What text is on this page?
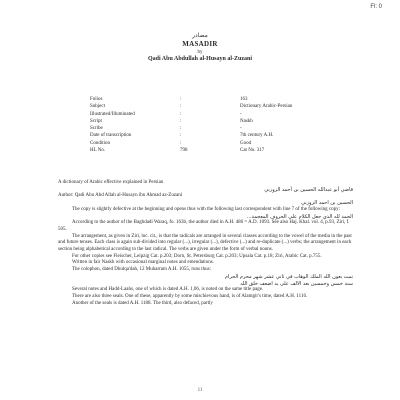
Fl: 0
مصادر
MASADIR
by
Qadi Abu Abdullah al-Husayn al-Zuzani
Folios	:	163
Subject	:	Dictionary Arabic-Persian
Illustrated/Illuminated	:	-
Script	:	Naskh
Scribe	:	-
Date of transcription	:	7th century A.H.
Condition	:	Good
HL No.	798	Cat No. 317

A dictionary of Arabic effective explained in Persian

قاضي أبو عبدالله الحسين بن أحمد الزوزني

Author: Qadi Abu Abd Allah al-Husayn ibn Ahmad az-Zuzani

الحسين بن احمد الزوزني

The copy is slightly defective at the beginning and opens thus with the following last correspondent with line 7 of the following copy:

الحمد لله الذي جعل الكلام على الحروف المعجمة...

According to the author of the Baghdadi Waraq, fo. 163b, the author died in A.H. 486 = A.D. 1093. See also Haj. Khal. vol. 4, p.93, Ziri, f. 505.

The arrangement, as given in Ziri, loc. cit., is that the radicals are arranged in several classes according to the vowel of the media in the past and future tenses. Each class is again sub-divided into regular (...), irregular (...), defective (...) and re-duplicate (...) verbs; the arrangement in each section being alphabetical according to the last radical. The verbs are given under the form of verbal nouns.

For other copies see Fleischer, Leipzig Cat. p.203; Dorn, St. Petersburg Cat. p.203; Upsala Cat. p.18; Ziri, Arabic Cat. p.755.

Written in fair Naskh with occasional marginal notes and emendations.

The colophon, dated Dhulqa'dah, 12 Muharram A.H. 1055, runs thus:

تمت بعون الله الملك الوهاب في ثاني عشر شهر محرم الحرام

سنة خمس وخمسين بعد الالف على يد اضعف خلق الله

Several notes and Hadd-Laahs, one of which is dated A.H. 1,06, is noted on the same title page.

There are also three seals. One of these, apparently by some mischievous hand, is of Alamgir's time, dated A.H. 1116.

Another of the seals is dated A.H. 1188. The third, also defaced, partly

11
